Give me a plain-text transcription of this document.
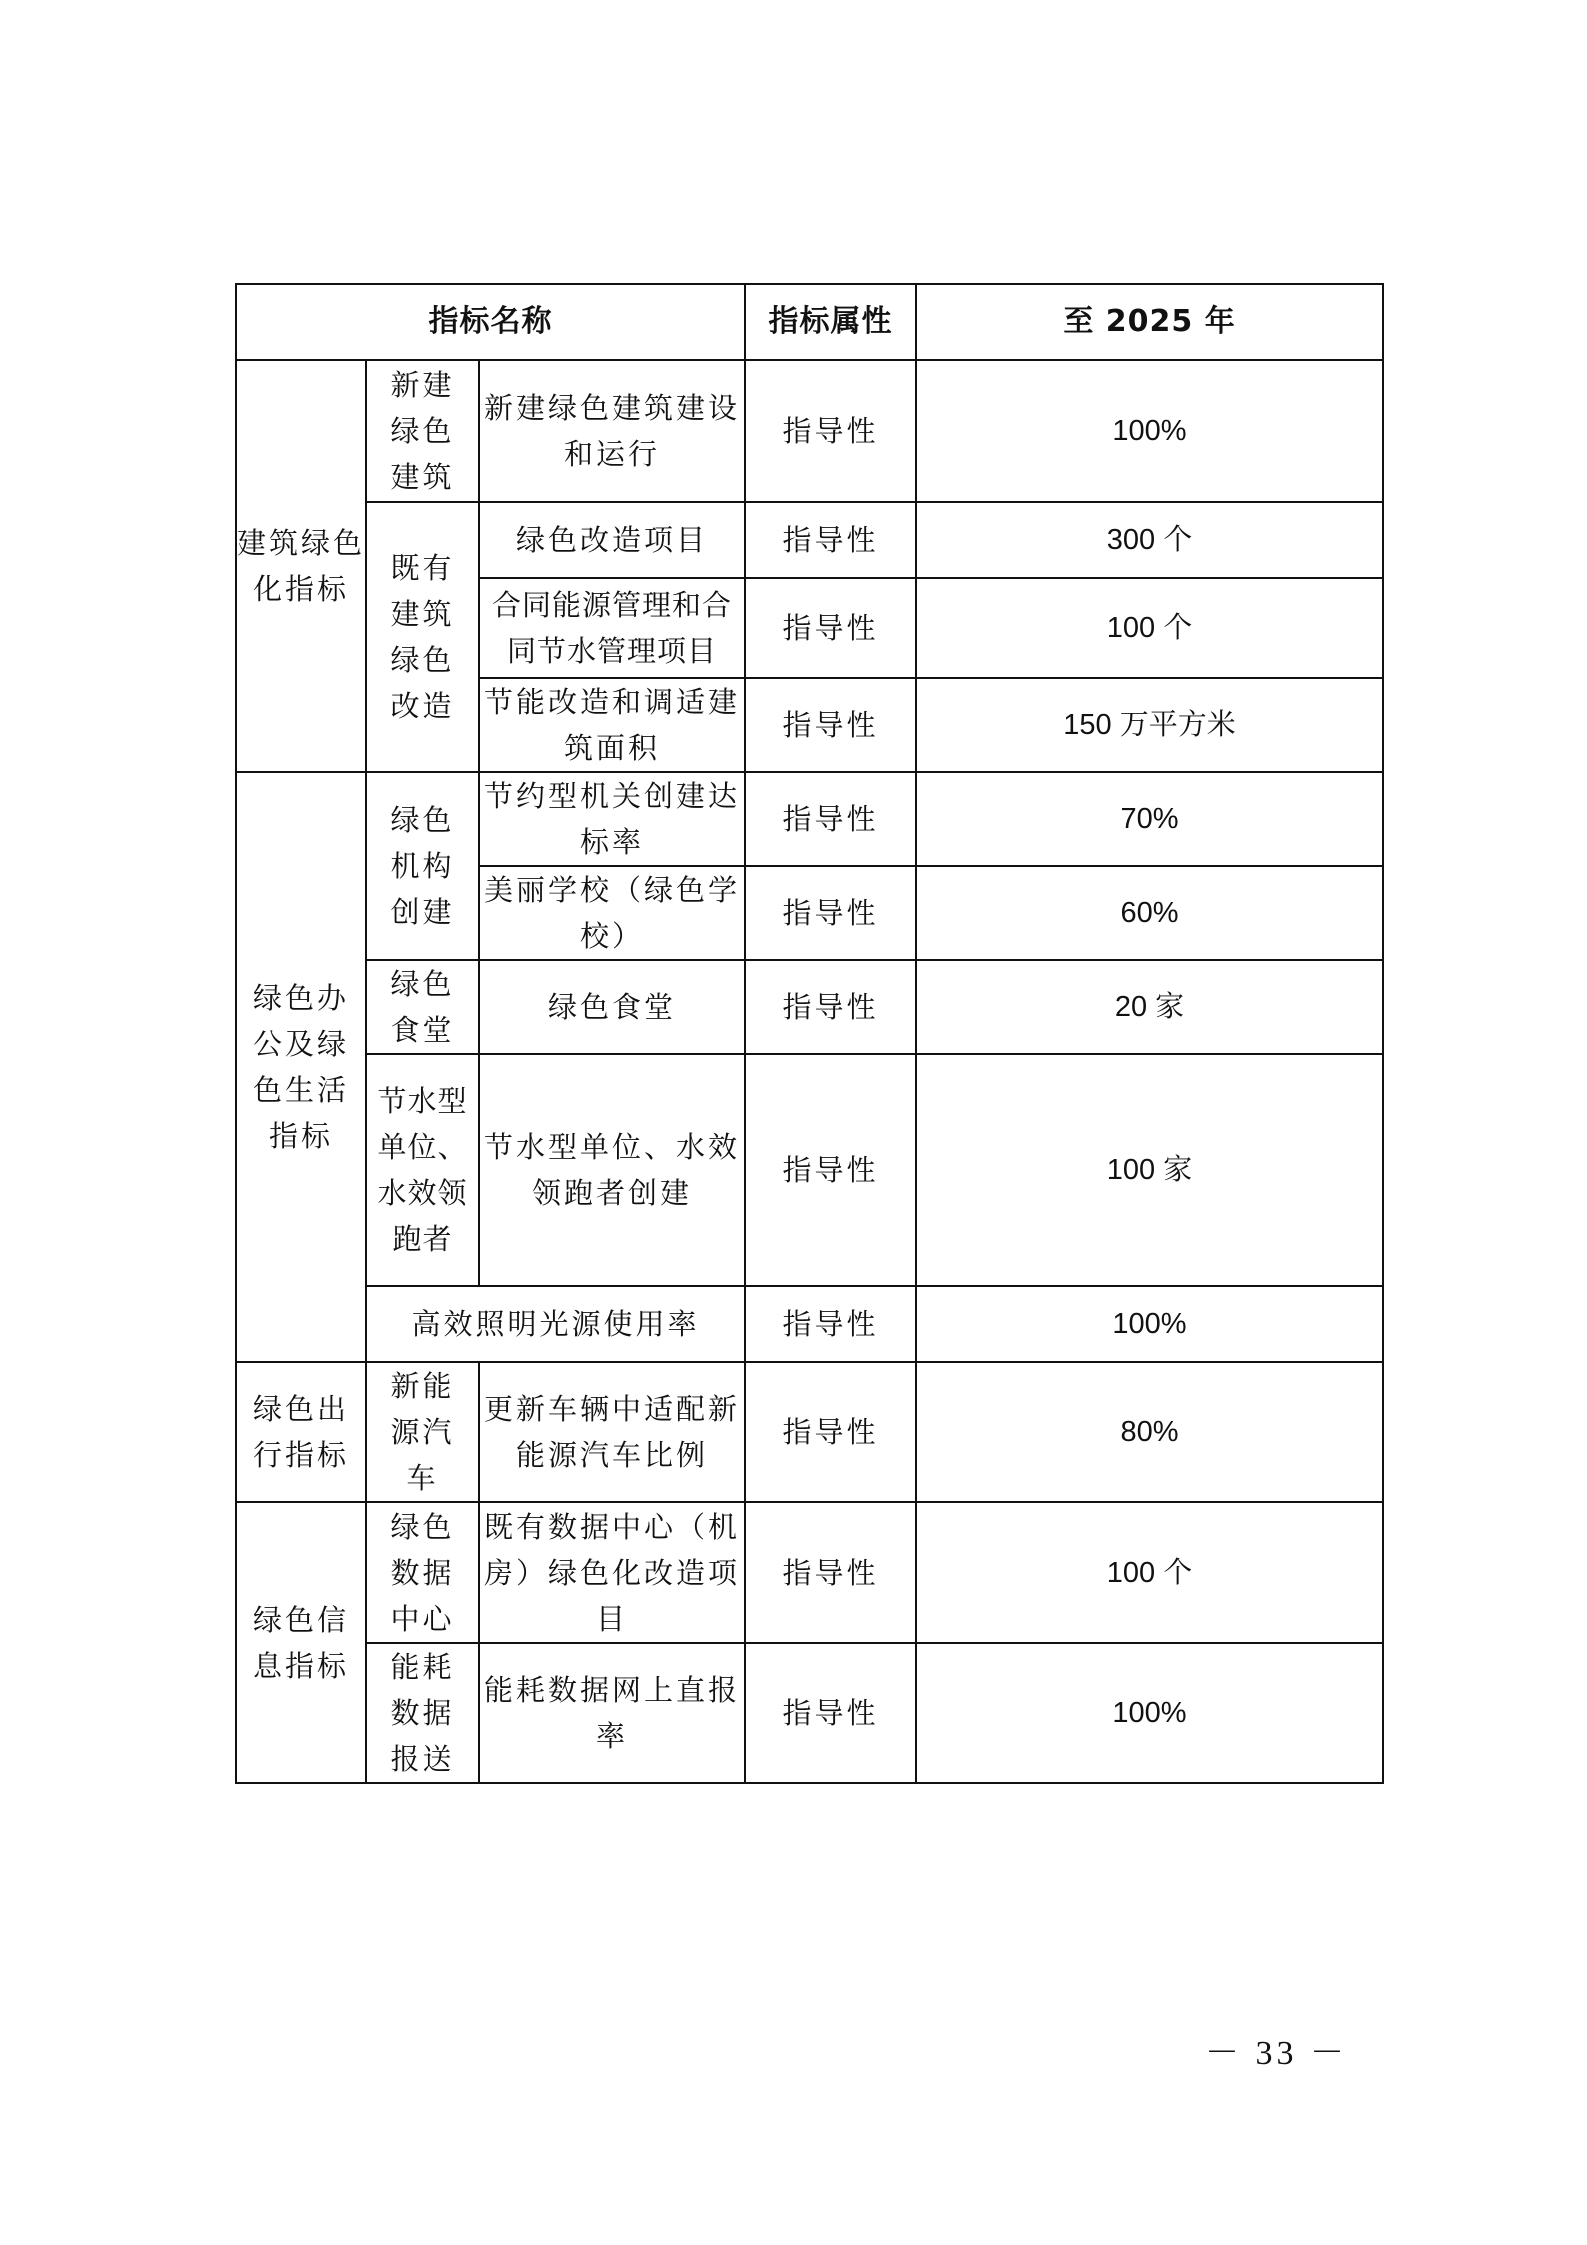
指标名称			指标属性	至 2025 年
建筑绿色化指标	新建绿色建筑	新建绿色建筑建设和运行	指导性	100%
	既有建筑绿色改造	绿色改造项目	指导性	300 个
		合同能源管理和合同节水管理项目	指导性	100 个
		节能改造和调适建筑面积	指导性	150 万平方米
绿色办公及绿色生活指标	绿色机构创建	节约型机关创建达标率	指导性	70%
		美丽学校（绿色学校）	指导性	60%
	绿色食堂	绿色食堂	指导性	20 家
	节水型单位、水效领跑者	节水型单位、水效领跑者创建	指导性	100 家
	高效照明光源使用率		指导性	100%
绿色出行指标	新能源汽车	更新车辆中适配新能源汽车比例	指导性	80%
绿色信息指标	绿色数据中心	既有数据中心（机房）绿色化改造项目	指导性	100 个
	能耗数据报送	能耗数据网上直报率	指导性	100%
－ 33 －
